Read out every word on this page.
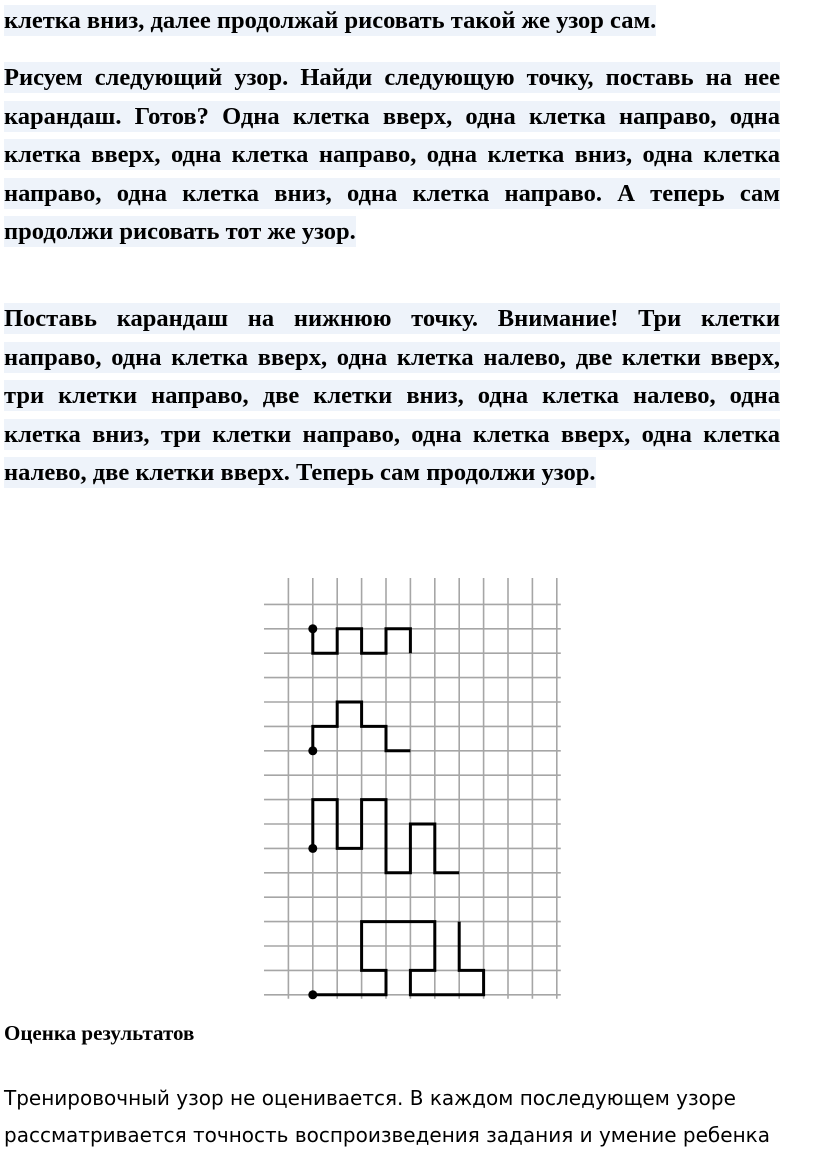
клетка вниз, далее продолжай рисовать такой же узор сам.

Рисуем следующий узор. Найди следующую точку, поставь на нее карандаш. Готов? Одна клетка вверх, одна клетка направо, одна клетка вверх, одна клетка направо, одна клетка вниз, одна клетка направо, одна клетка вниз, одна клетка направо. А теперь сам продолжи рисовать тот же узор.

Поставь карандаш на нижнюю точку. Внимание! Три клетки направо, одна клетка вверх, одна клетка налево, две клетки вверх, три клетки направо, две клетки вниз, одна клетка налево, одна клетка вниз, три клетки направо, одна клетка вверх, одна клетка налево, две клетки вверх. Теперь сам продолжи узор.

Оценка результатов

Тренировочный узор не оценивается. В каждом последующем узоре рассматривается точность воспроизведения задания и умение ребенка
